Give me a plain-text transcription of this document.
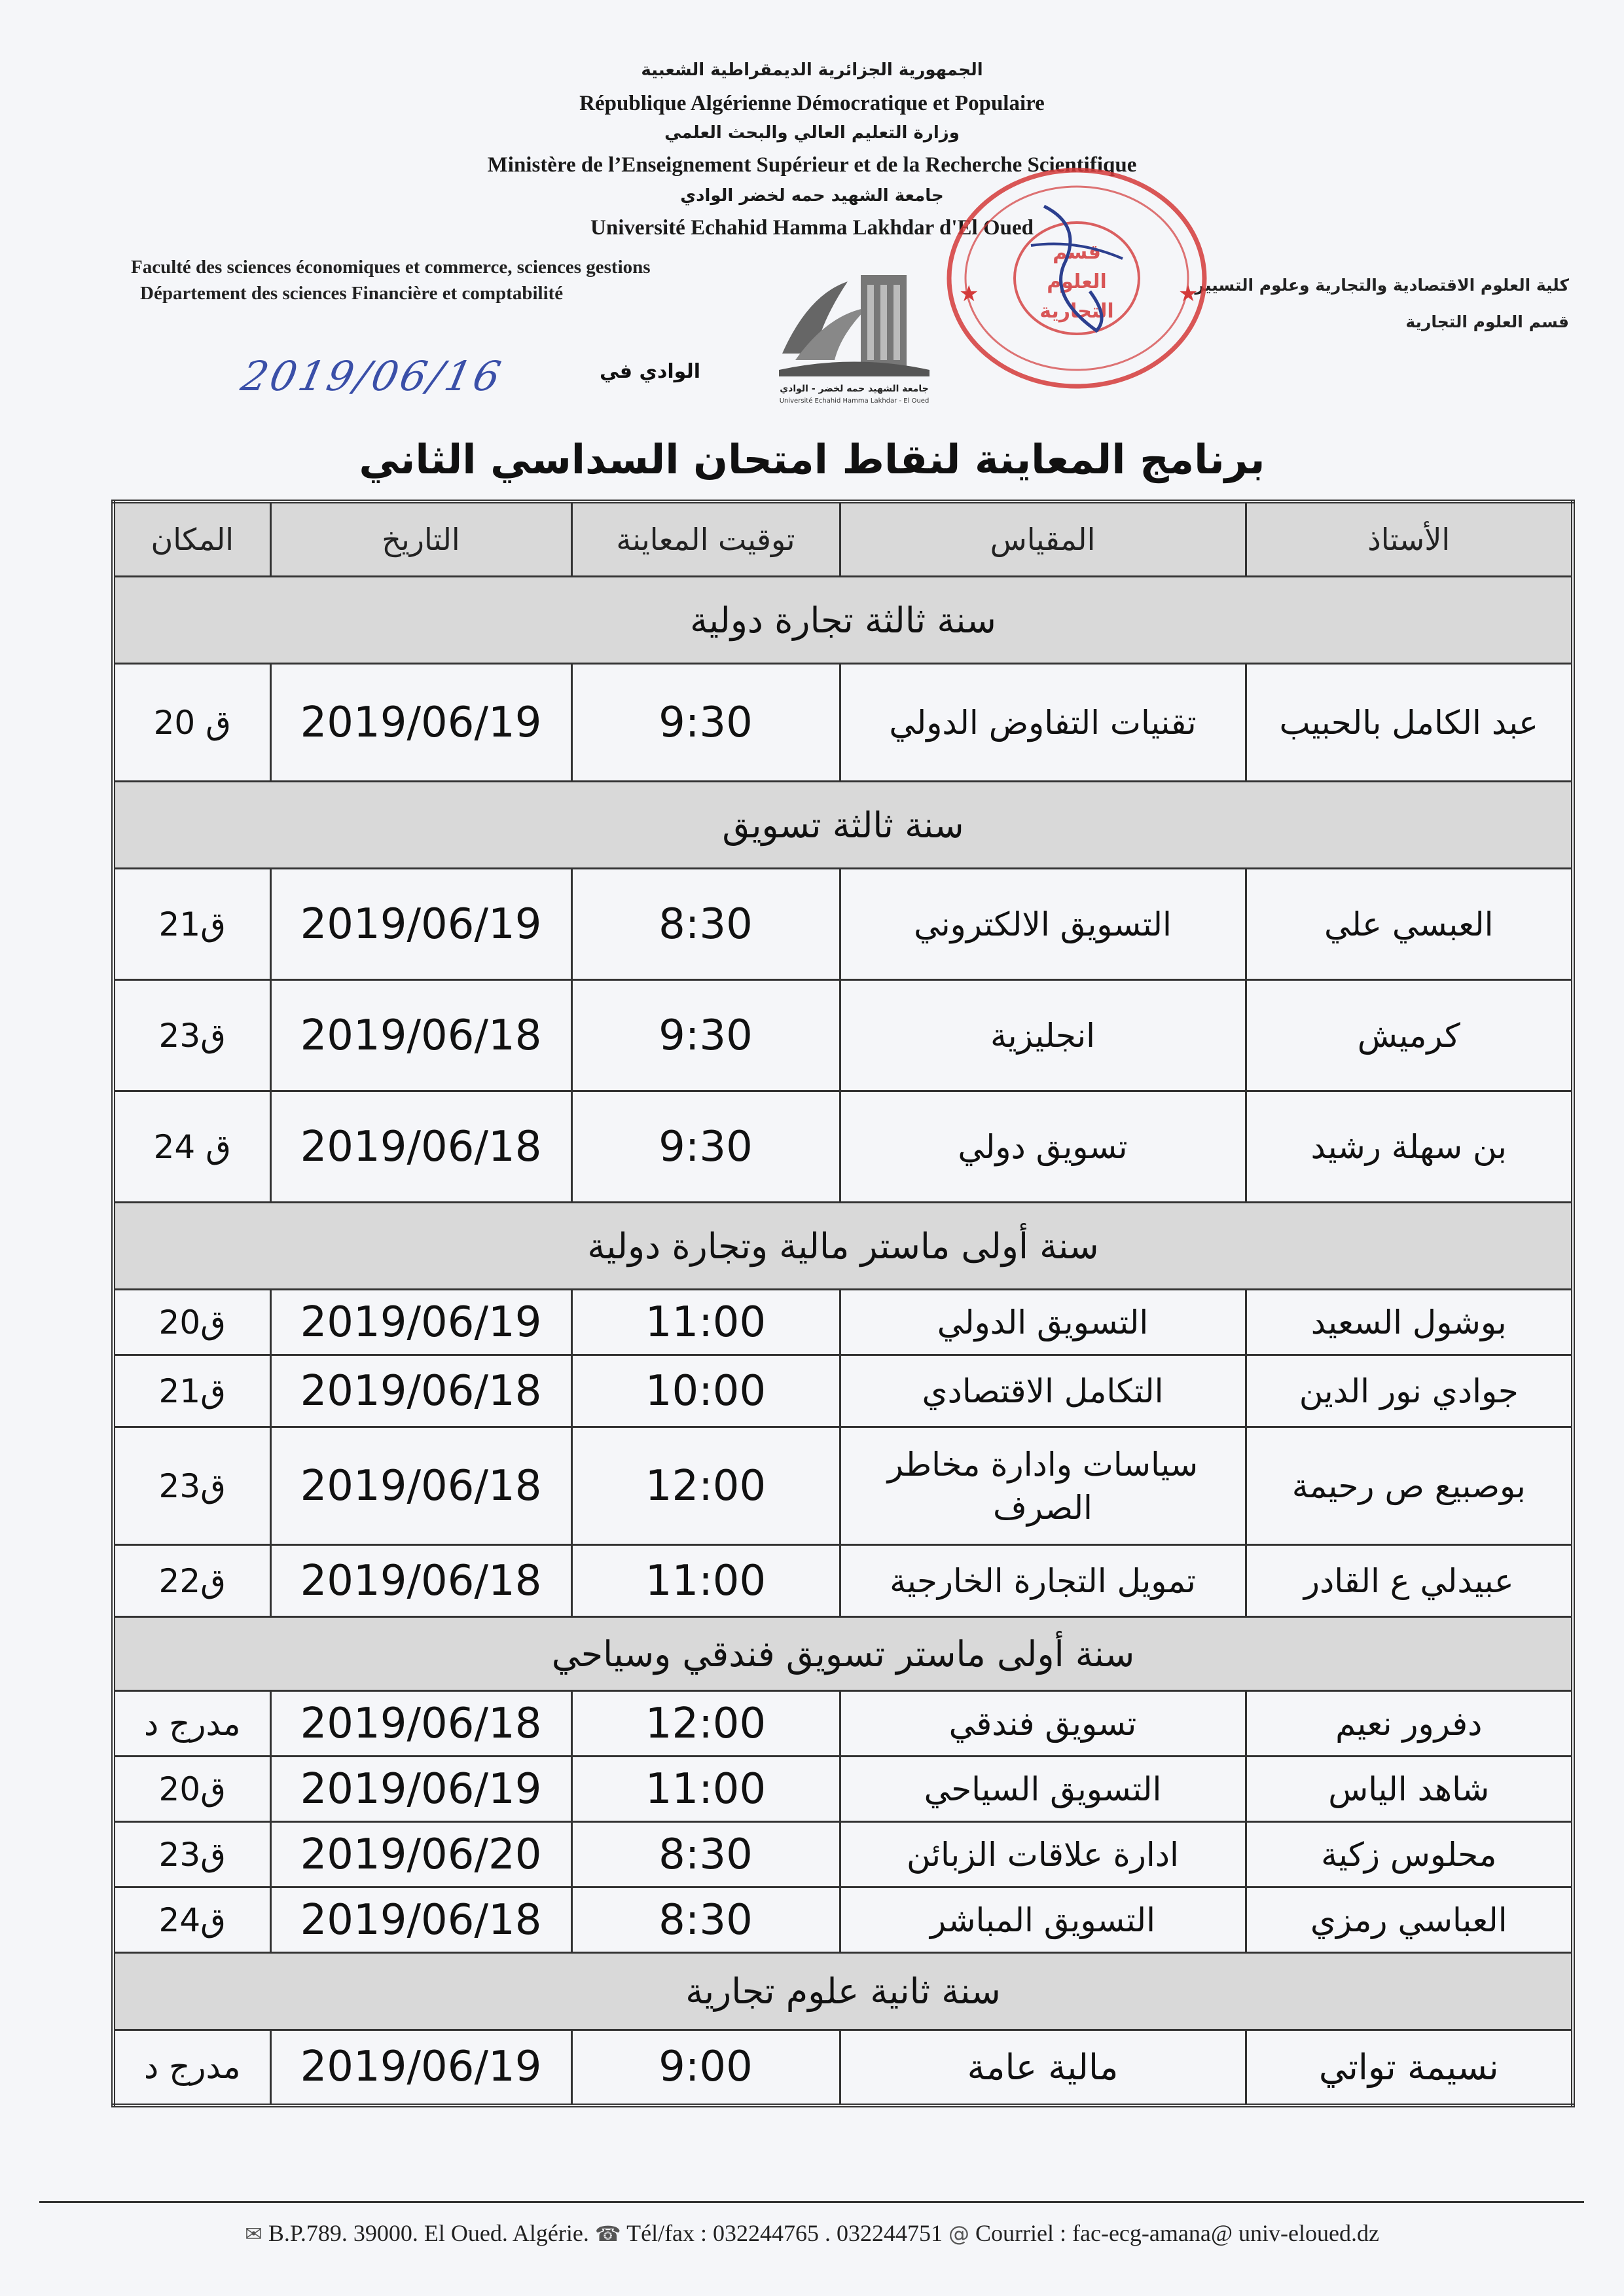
الجمهورية الجزائرية الديمقراطية الشعبية
République Algérienne Démocratique et Populaire
وزارة التعليم العالي والبحث العلمي
Ministère de l’Enseignement Supérieur et de la Recherche Scientifique
جامعة الشهيد حمه لخضر الوادي
Université Echahid Hamma Lakhdar d'El Oued
Faculté des sciences économiques et commerce, sciences gestions
Département des sciences Financière et comptabilité	كلية العلوم الاقتصادية والتجارية وعلوم التسيير
قسم العلوم التجارية
2019/06/16	الوادي في
جامعة الشهيد حمه لخضر - الوادي
Université Echahid Hamma Lakhdar - El Oued
قسم
العلوم
التجارية
★	★
برنامج المعاينة لنقاط امتحان السداسي الثاني
الأستاذ	المقياس	توقيت المعاينة	التاريخ	المكان
سنة ثالثة تجارة دولية				
عبد الكامل بالحبيب	تقنيات التفاوض الدولي	9:30	2019/06/19	ق 20
سنة ثالثة تسويق				
العبسي علي	التسويق الالكتروني	8:30	2019/06/19	ق21
كرميش	انجليزية	9:30	2019/06/18	ق23
بن سهلة رشيد	تسويق دولي	9:30	2019/06/18	ق 24
سنة أولى ماستر مالية وتجارة دولية				
بوشول السعيد	التسويق الدولي	11:00	2019/06/19	ق20
جوادي نور الدين	التكامل الاقتصادي	10:00	2019/06/18	ق21
بوصبيع ص رحيمة	سياسات وادارة مخاطر الصرف	12:00	2019/06/18	ق23
عبيدلي ع القادر	تمويل التجارة الخارجية	11:00	2019/06/18	ق22
سنة أولى ماستر تسويق فندقي وسياحي				
دفرور نعيم	تسويق فندقي	12:00	2019/06/18	مدرج د
شاهد الياس	التسويق السياحي	11:00	2019/06/19	ق20
محلوس زكية	ادارة علاقات الزبائن	8:30	2019/06/20	ق23
العباسي رمزي	التسويق المباشر	8:30	2019/06/18	ق24
سنة ثانية علوم تجارية				
نسيمة تواتي	مالية عامة	9:00	2019/06/19	مدرج د
✉ B.P.789. 39000. El Oued. Algérie. ☎ Tél/fax : 032244765 . 032244751 @ Courriel : fac-ecg-amana@ univ-eloued.dz
